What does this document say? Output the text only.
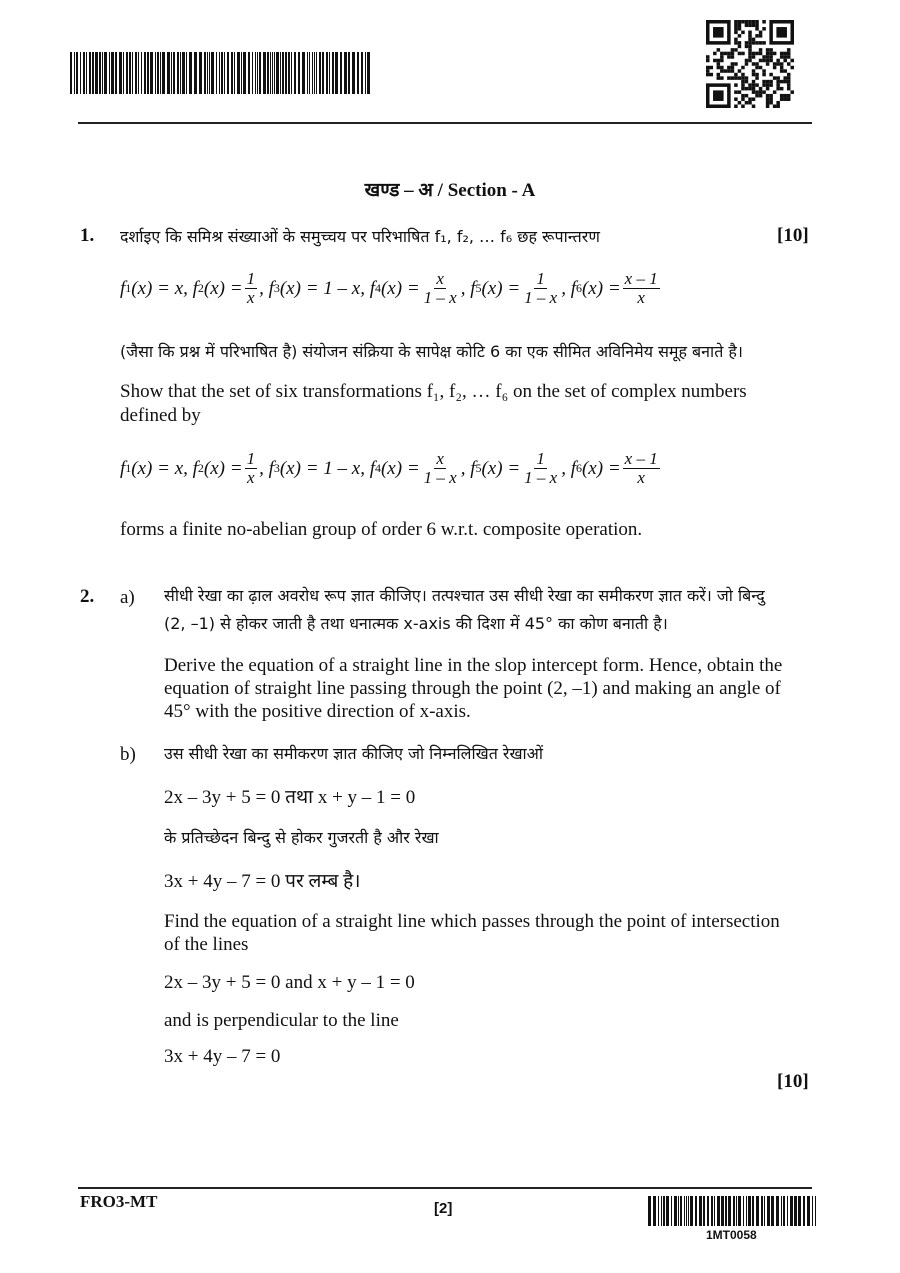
खण्ड – अ / Section - A
1.	[10]
दर्शाइए कि समिश्र संख्याओं के समुच्चय पर परिभाषित f₁, f₂, … f₆ छह रूपान्तरण
f 1 (x) = x, f 2 $(x) = \frac{1}{x}$ , f 3 (x) = 1 – x, f 4 $(x) = \frac{x}{1 - x}$ , f 5 $(x) = \frac{1}{1 - x}$ , f 6 $(x) = \frac{x - 1}{x}$
(जैसा कि प्रश्न में परिभाषित है) संयोजन संक्रिया के सापेक्ष कोटि 6 का एक सीमित अविनिमेय समूह बनाते है।
Show that the set of six transformations f₁, f₂, … f₆ on the set of complex numbers
defined by
f 1 (x) = x, f 2 $(x) = \frac{1}{x}$ , f 3 (x) = 1 – x, f 4 $(x) = \frac{x}{1 - x}$ , f 5 $(x) = \frac{1}{1 - x}$ , f 6 $(x) = \frac{x - 1}{x}$
forms a finite no-abelian group of order 6 w.r.t. composite operation.
2. a) सीधी रेखा का ढ़ाल अवरोध रूप ज्ञात कीजिए। तत्पश्चात उस सीधी रेखा का समीकरण ज्ञात करें। जो बिन्दु
(2, –1) से होकर जाती है तथा धनात्मक x-axis की दिशा में 45° का कोण बनाती है।
Derive the equation of a straight line in the slop intercept form. Hence, obtain the
equation of straight line passing through the point (2, –1) and making an angle of
45° with the positive direction of x-axis.
b) उस सीधी रेखा का समीकरण ज्ञात कीजिए जो निम्नलिखित रेखाओं
2x – 3y + 5 = 0 तथा x + y – 1 = 0
के प्रतिच्छेदन बिन्दु से होकर गुजरती है और रेखा
3x + 4y – 7 = 0 पर लम्ब है।
Find the equation of a straight line which passes through the point of intersection
of the lines
2x – 3y + 5 = 0 and x + y – 1 = 0
and is perpendicular to the line
3x + 4y – 7 = 0
[10]
FRO3-MT	[2]
1MT0058
